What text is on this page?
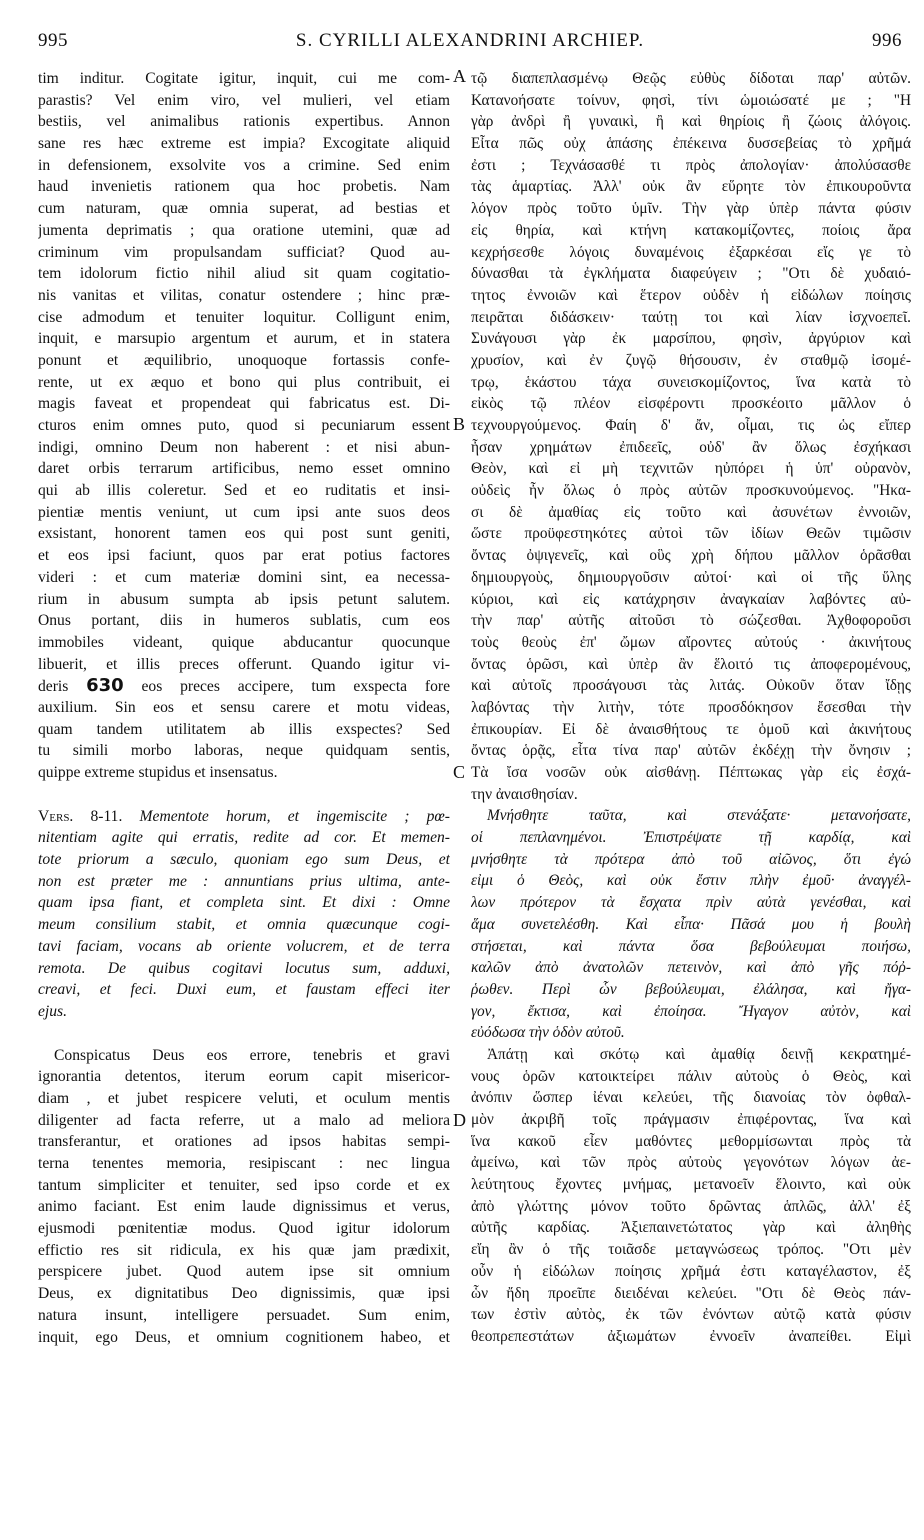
995	S. CYRILLI ALEXANDRINI ARCHIEP.	996
tim inditur. Cogitate igitur, inquit, cui me com-
parastis? Vel enim viro, vel mulieri, vel etiam
bestiis, vel animalibus rationis expertibus. Annon
sane res hæc extreme est impia? Excogitate aliquid
in defensionem, exsolvite vos a crimine. Sed enim
haud invenietis rationem qua hoc probetis. Nam
cum naturam, quæ omnia superat, ad bestias et
jumenta deprimatis ; qua oratione utemini, quæ ad
criminum vim propulsandam sufficiat? Quod au-
tem idolorum fictio nihil aliud sit quam cogitatio-
nis vanitas et vilitas, conatur ostendere ; hinc præ-
cise admodum et tenuiter loquitur. Colligunt enim,
inquit, e marsupio argentum et aurum, et in statera
ponunt et æquilibrio, unoquoque fortassis confe-
rente, ut ex æquo et bono qui plus contribuit, ei
magis faveat et propendeat qui fabricatus est. Di-
cturos enim omnes puto, quod si pecuniarum essent
indigi, omnino Deum non haberent : et nisi abun-
daret orbis terrarum artificibus, nemo esset omnino
qui ab illis coleretur. Sed et eo ruditatis et insi-
pientiæ mentis veniunt, ut cum ipsi ante suos deos
exsistant, honorent tamen eos qui post sunt geniti,
et eos ipsi faciunt, quos par erat potius factores
videri : et cum materiæ domini sint, ea necessa-
rium in abusum sumpta ab ipsis petunt salutem.
Onus portant, diis in humeros sublatis, cum eos
immobiles videant, quique abducantur quocunque
libuerit, et illis preces offerunt. Quando igitur vi-
deris 630 eos preces accipere, tum exspecta fore
auxilium. Sin eos et sensu carere et motu videas,
quam tandem utilitatem ab illis exspectes? Sed
tu simili morbo laboras, neque quidquam sentis,
quippe extreme stupidus et insensatus.
Vers. 8-11. Mementote horum, et ingemiscite ; pœ-
nitentiam agite qui erratis, redite ad cor. Et memen-
tote priorum a sæculo, quoniam ego sum Deus, et
non est præter me : annuntians prius ultima, ante-
quam ipsa fiant, et completa sint. Et dixi : Omne
meum consilium stabit, et omnia quæcunque cogi-
tavi faciam, vocans ab oriente volucrem, et de terra
remota. De quibus cogitavi locutus sum, adduxi,
creavi, et feci. Duxi eum, et faustam effeci iter
ejus.
Conspicatus Deus eos errore, tenebris et gravi
ignorantia detentos, iterum eorum capit misericor-
diam , et jubet respicere veluti, et oculum mentis
diligenter ad facta referre, ut a malo ad meliora
transferantur, et orationes ad ipsos habitas sempi-
terna tenentes memoria, resipiscant : nec lingua
tantum simpliciter et tenuiter, sed ipso corde et ex
animo faciant. Est enim laude dignissimus et verus,
ejusmodi pœnitentiæ modus. Quod igitur idolorum
effictio res sit ridicula, ex his quæ jam prædixit,
perspicere jubet. Quod autem ipse sit omnium
Deus, ex dignitatibus Deo dignissimis, quæ ipsi
natura insunt, intelligere persuadet. Sum enim,
inquit, ego Deus, et omnium cognitionem habeo, et
τῷ διαπεπλασμένῳ Θεῷς εὐθὺς δίδοται παρ' αὐτῶν.
Κατανοήσατε τοίνυν, φησὶ, τίνι ὡμοιώσατέ με ; "Η
γὰρ ἀνδρὶ ἢ γυναικὶ, ἢ καὶ θηρίοις ἢ ζώοις ἀλόγοις.
Εἶτα πῶς οὐχ ἁπάσης ἐπέκεινα δυσσεβείας τὸ χρῆμά
ἐστι ; Τεχνάσασθέ τι πρὸς ἀπολογίαν· ἀπολύσασθε
τὰς ἁμαρτίας. Ἀλλ' οὐκ ἂν εὕρητε τὸν ἐπικουροῦντα
λόγον πρὸς τοῦτο ὑμῖν. Τὴν γὰρ ὑπὲρ πάντα φύσιν
εἰς θηρία, καὶ κτήνη κατακομίζοντες, ποίοις ἄρα
κεχρήσεσθε λόγοις δυναμένοις ἐξαρκέσαι εἴς γε τὸ
δύνασθαι τὰ ἐγκλήματα διαφεύγειν ; "Οτι δὲ χυδαιό-
τητος ἐννοιῶν καὶ ἕτερον οὐδὲν ἡ εἰδώλων ποίησις
πειρᾶται διδάσκειν· ταύτῃ τοι καὶ λίαν ἰσχνοεπεῖ.
Συνάγουσι γὰρ ἐκ μαρσίπου, φησὶν, ἀργύριον καὶ
χρυσίον, καὶ ἐν ζυγῷ θήσουσιν, ἐν σταθμῷ ἰσομέ-
τρῳ, ἑκάστου τάχα συνεισκομίζοντος, ἵνα κατὰ τὸ
εἰκὸς τῷ πλέον εἰσφέροντι προσκέοιτο μᾶλλον ὁ
τεχνουργούμενος. Φαίη δ' ἄν, οἶμαι, τις ὡς εἴπερ
ἦσαν χρημάτων ἐπιδεεῖς, οὐδ' ἂν ὅλως ἐσχήκασι
Θεὸν, καὶ εἰ μὴ τεχνιτῶν ηὐπόρει ἡ ὑπ' οὐρανὸν,
οὐδεὶς ἦν ὅλως ὁ πρὸς αὐτῶν προσκυνούμενος. "Ηκα-
σι δὲ ἀμαθίας εἰς τοῦτο καὶ ἀσυνέτων ἐννοιῶν,
ὥστε προϋφεστηκότες αὐτοὶ τῶν ἰδίων Θεῶν τιμῶσιν
ὄντας ὀψιγενεῖς, καὶ οὓς χρὴ δήπου μᾶλλον ὁρᾶσθαι
δημιουργοὺς, δημιουργοῦσιν αὐτοί· καὶ οἱ τῆς ὕλης
κύριοι, καὶ εἰς κατάχρησιν ἀναγκαίαν λαβόντες αὐ-
τὴν παρ' αὐτῆς αἰτοῦσι τὸ σώζεσθαι. Ἀχθοφοροῦσι
τοὺς θεοὺς ἐπ' ὤμων αἴροντες αὐτούς · ἀκινήτους
ὄντας ὁρῶσι, καὶ ὑπὲρ ἂν ἕλοιτό τις ἀποφερομένους,
καὶ αὐτοῖς προσάγουσι τὰς λιτάς. Οὐκοῦν ὅταν ἴδῃς
λαβόντας τὴν λιτὴν, τότε προσδόκησον ἔσεσθαι τὴν
ἐπικουρίαν. Εἰ δὲ ἀναισθήτους τε ὁμοῦ καὶ ἀκινήτους
ὄντας ὁρᾷς, εἶτα τίνα παρ' αὐτῶν ἐκδέχῃ τὴν ὄνησιν ;
Τὰ ἴσα νοσῶν οὐκ αἰσθάνῃ. Πέπτωκας γὰρ εἰς ἐσχά-
την ἀναισθησίαν.
Μνήσθητε ταῦτα, καὶ στενάξατε· μετανοήσατε,
οἱ πεπλανημένοι. Ἐπιστρέψατε τῇ καρδίᾳ, καὶ
μνήσθητε τὰ πρότερα ἀπὸ τοῦ αἰῶνος, ὅτι ἐγώ
εἰμι ὁ Θεὸς, καὶ οὐκ ἔστιν πλὴν ἐμοῦ· ἀναγγέλ-
λων πρότερον τὰ ἔσχατα πρὶν αὐτὰ γενέσθαι, καὶ
ἅμα συνετελέσθη. Καὶ εἶπα· Πᾶσά μου ἡ βουλὴ
στήσεται, καὶ πάντα ὅσα βεβούλευμαι ποιήσω,
καλῶν ἀπὸ ἀνατολῶν πετεινὸν, καὶ ἀπὸ γῆς πόῤ-
ῥωθεν. Περὶ ὧν βεβούλευμαι, ἐλάλησα, καὶ ἤγα-
γον, ἔκτισα, καὶ ἐποίησα. Ἤγαγον αὐτὸν, καὶ
εὐόδωσα τὴν ὁδὸν αὐτοῦ.
Ἀπάτῃ καὶ σκότῳ καὶ ἀμαθίᾳ δεινῇ κεκρατημέ-
νους ὁρῶν κατοικτείρει πάλιν αὐτοὺς ὁ Θεὸς, καὶ
ἀνόπιν ὥσπερ ἰέναι κελεύει, τῆς διανοίας τὸν ὀφθαλ-
μὸν ἀκριβῆ τοῖς πράγμασιν ἐπιφέροντας, ἵνα καὶ
ἵνα κακοῦ εἶεν μαθόντες μεθορμίσωνται πρὸς τὰ
ἀμείνω, καὶ τῶν πρὸς αὐτοὺς γεγονότων λόγων ἀε-
λεύτητους ἔχοντες μνήμας, μετανοεῖν ἕλοιντο, καὶ οὐκ
ἀπὸ γλώττης μόνον τοῦτο δρῶντας ἁπλῶς, ἀλλ' ἐξ
αὐτῆς καρδίας. Ἀξιεπαινετώτατος γὰρ καὶ ἀληθὴς
εἴη ἂν ὁ τῆς τοιᾶσδε μεταγνώσεως τρόπος. "Οτι μὲν
οὖν ἡ εἰδώλων ποίησις χρῆμά ἐστι καταγέλαστον, ἐξ
ὧν ἤδη προεῖπε διειδέναι κελεύει. "Οτι δὲ Θεὸς πάν-
των ἐστὶν αὐτὸς, ἐκ τῶν ἐνόντων αὐτῷ κατὰ φύσιν
θεοπρεπεστάτων ἀξιωμάτων ἐννοεῖν ἀναπείθει. Εἰμὶ
A
B
C
D
